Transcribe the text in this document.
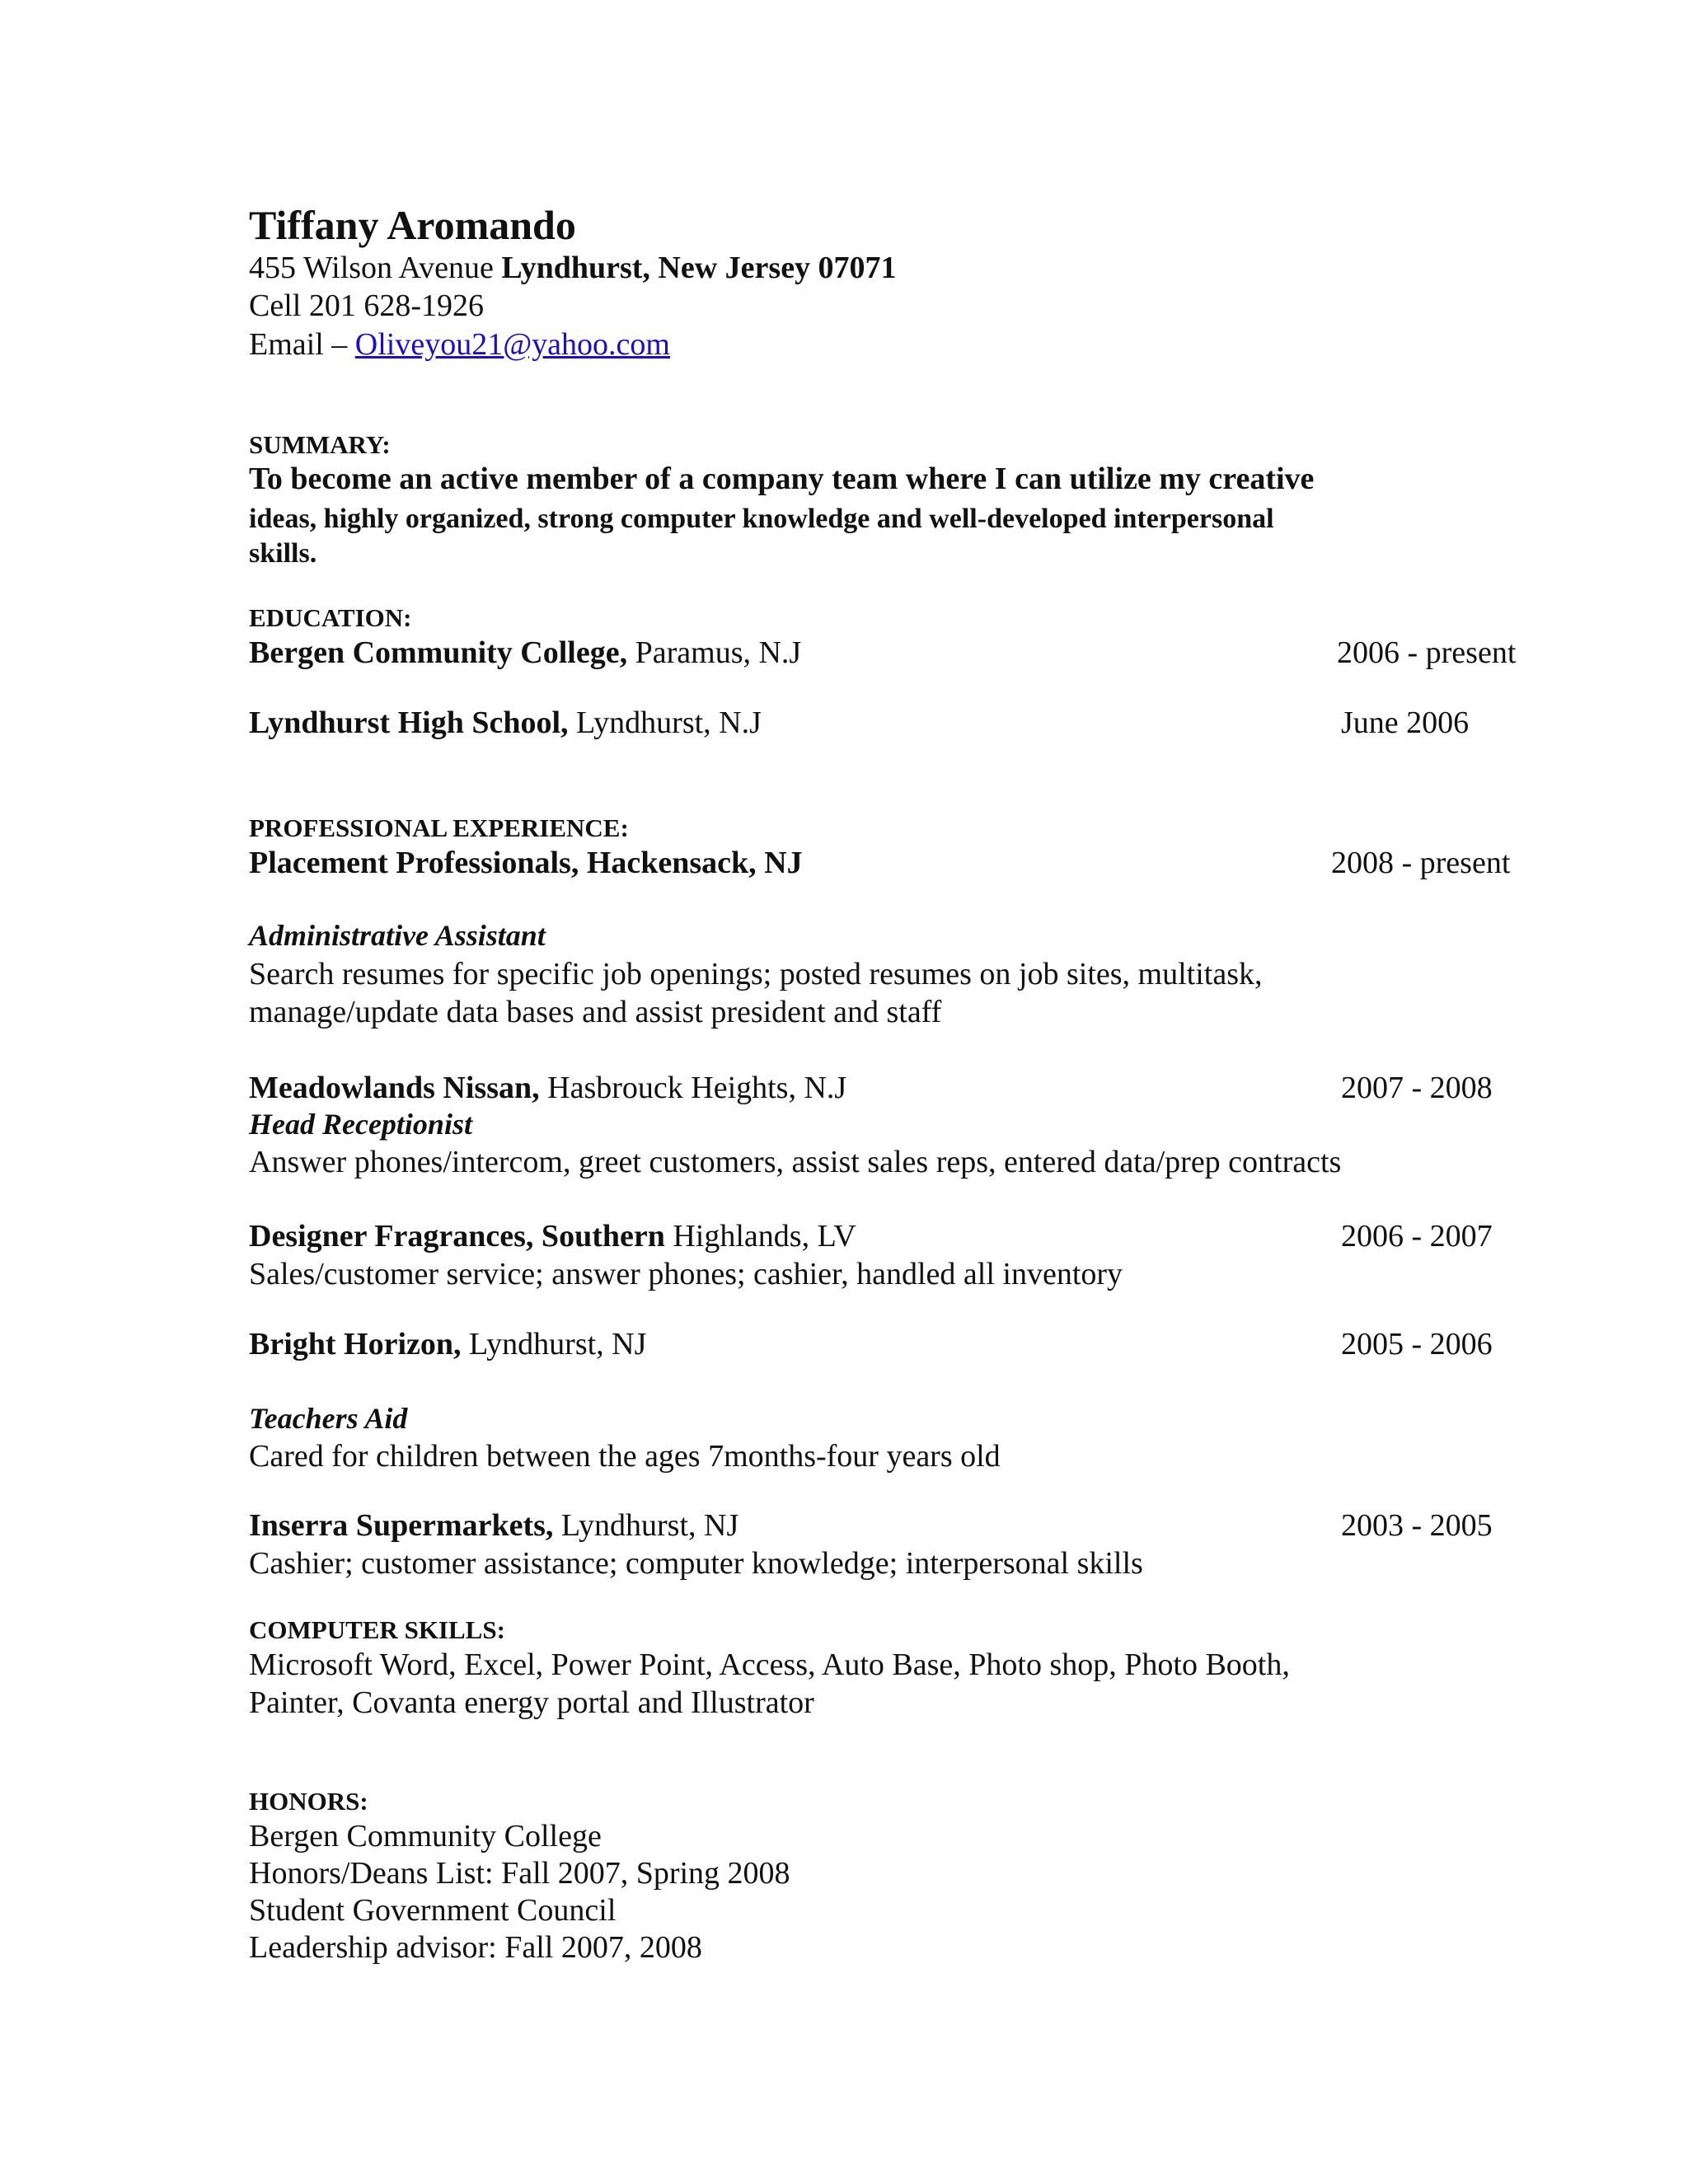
Tiffany Aromando
455 Wilson Avenue Lyndhurst, New Jersey 07071
Cell 201 628-1926
Email – Oliveyou21@yahoo.com
SUMMARY:
To become an active member of a company team where I can utilize my creative
ideas, highly organized, strong computer knowledge and well-developed interpersonal
skills.
EDUCATION:
Bergen Community College, Paramus, N.J	2006 - present
Lyndhurst High School, Lyndhurst, N.J	June 2006
PROFESSIONAL EXPERIENCE:
Placement Professionals, Hackensack, NJ	2008 - present
Administrative Assistant
Search resumes for specific job openings; posted resumes on job sites, multitask,
manage/update data bases and assist president and staff
Meadowlands Nissan, Hasbrouck Heights, N.J	2007 - 2008
Head Receptionist
Answer phones/intercom, greet customers, assist sales reps, entered data/prep contracts
Designer Fragrances, Southern Highlands, LV	2006 - 2007
Sales/customer service; answer phones; cashier, handled all inventory
Bright Horizon, Lyndhurst, NJ	2005 - 2006
Teachers Aid
Cared for children between the ages 7months-four years old
Inserra Supermarkets, Lyndhurst, NJ	2003 - 2005
Cashier; customer assistance; computer knowledge; interpersonal skills
COMPUTER SKILLS:
Microsoft Word, Excel, Power Point, Access, Auto Base, Photo shop, Photo Booth,
Painter, Covanta energy portal and Illustrator
HONORS:
Bergen Community College
Honors/Deans List: Fall 2007, Spring 2008
Student Government Council
Leadership advisor: Fall 2007, 2008
